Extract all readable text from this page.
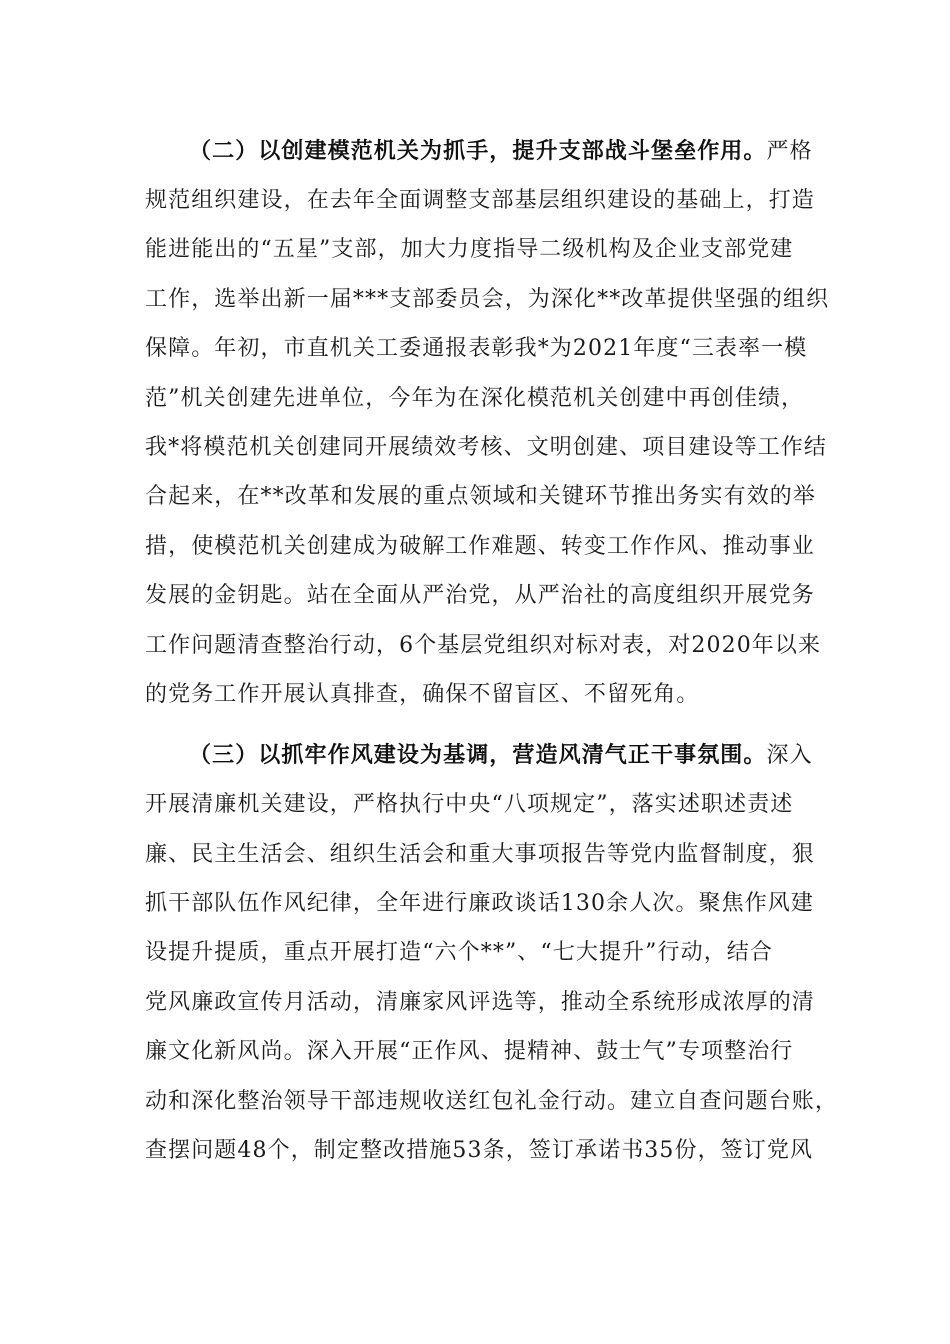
（二）以创建模范机关为抓手，提升支部战斗堡垒作用。严格
规范组织建设，在去年全面调整支部基层组织建设的基础上，打造
能进能出的“五星”支部，加大力度指导二级机构及企业支部党建
工作，选举出新一届***支部委员会，为深化**改革提供坚强的组织
保障。年初，市直机关工委通报表彰我*为2021年度“三表率一模
范”机关创建先进单位，今年为在深化模范机关创建中再创佳绩，
我*将模范机关创建同开展绩效考核、文明创建、项目建设等工作结
合起来，在**改革和发展的重点领域和关键环节推出务实有效的举
措，使模范机关创建成为破解工作难题、转变工作作风、推动事业
发展的金钥匙。站在全面从严治党，从严治社的高度组织开展党务
工作问题清查整治行动，6个基层党组织对标对表，对2020年以来
的党务工作开展认真排查，确保不留盲区、不留死角。
（三）以抓牢作风建设为基调，营造风清气正干事氛围。深入
开展清廉机关建设，严格执行中央“八项规定”，落实述职述责述
廉、民主生活会、组织生活会和重大事项报告等党内监督制度，狠
抓干部队伍作风纪律，全年进行廉政谈话130余人次。聚焦作风建
设提升提质，重点开展打造“六个**”、“七大提升”行动，结合
党风廉政宣传月活动，清廉家风评选等，推动全系统形成浓厚的清
廉文化新风尚。深入开展“正作风、提精神、鼓士气”专项整治行
动和深化整治领导干部违规收送红包礼金行动。建立自查问题台账，
查摆问题48个，制定整改措施53条，签订承诺书35份，签订党风
